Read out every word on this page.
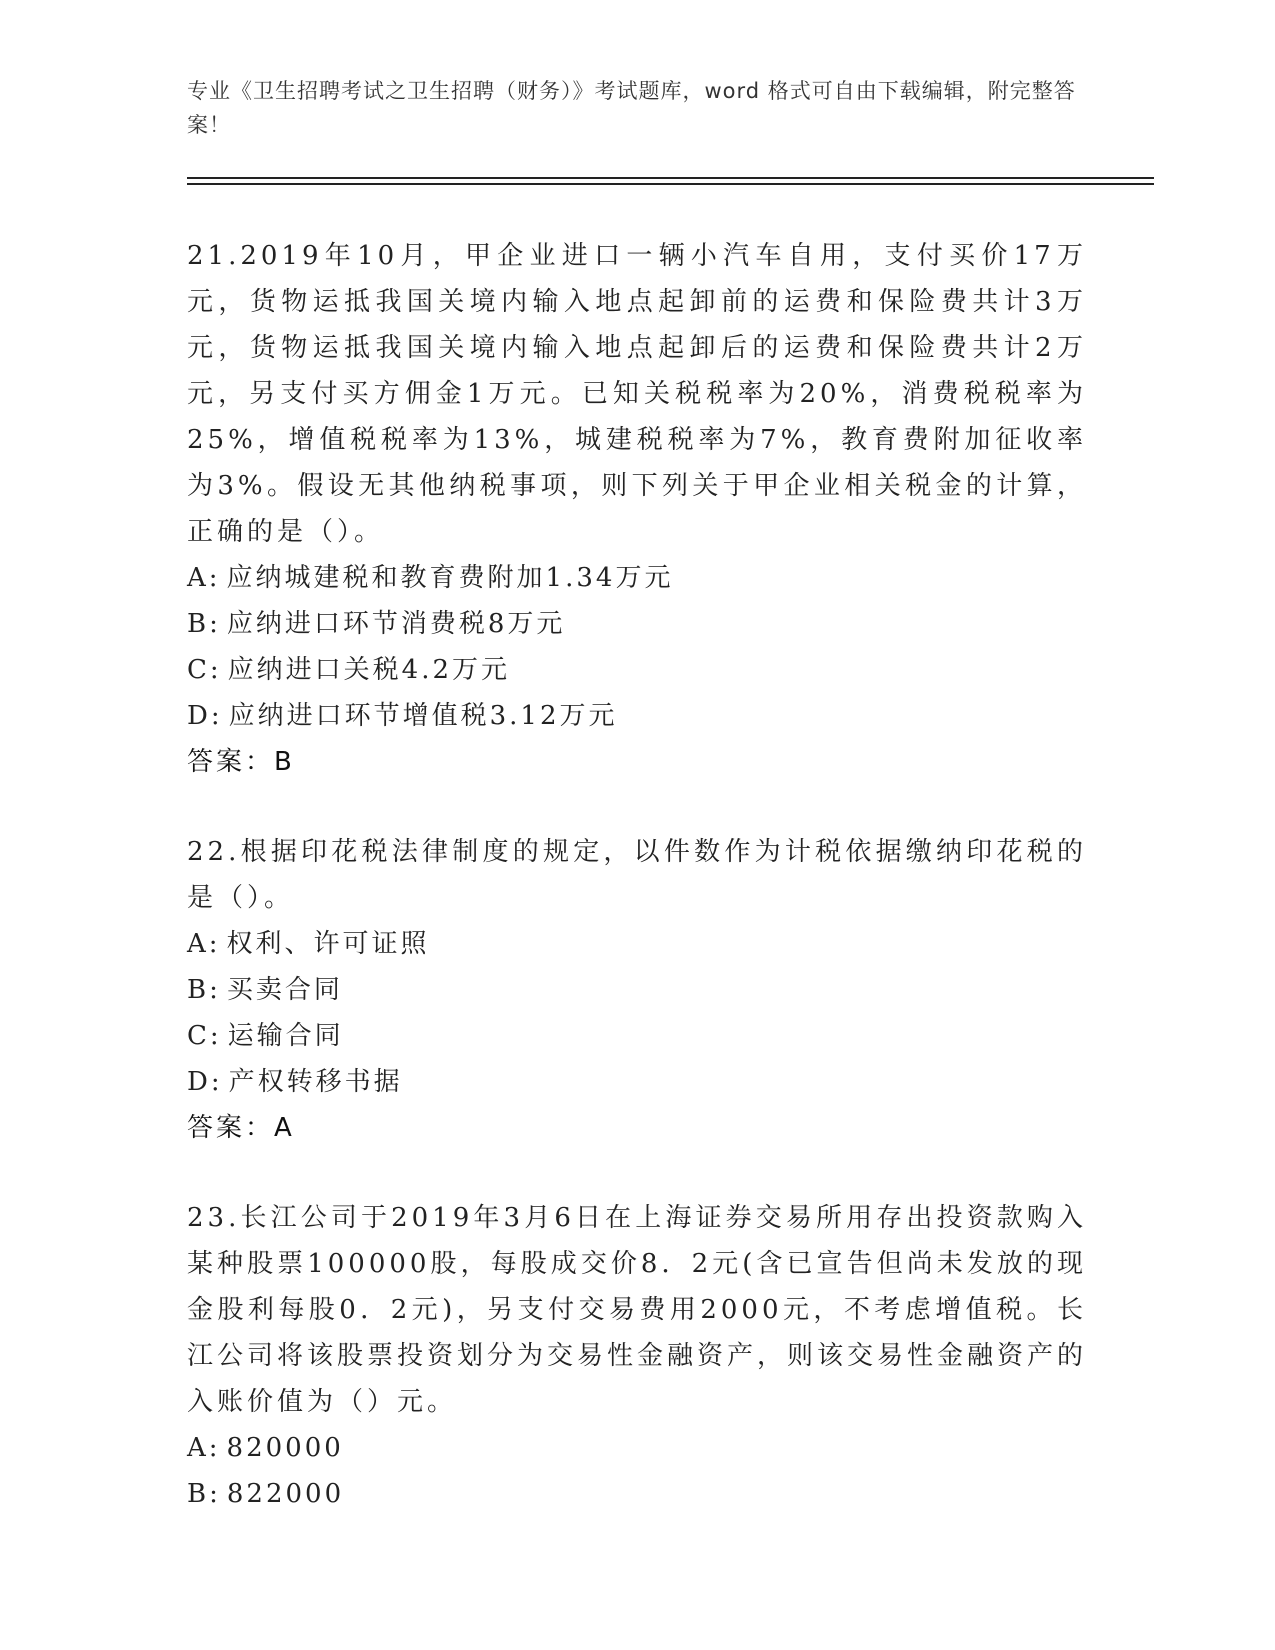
专业《卫生招聘考试之卫生招聘（财务）》考试题库，word 格式可自由下载编辑，附完整答案！
21.2019年10月，甲企业进口一辆小汽车自用，支付买价17万元，货物运抵我国关境内输入地点起卸前的运费和保险费共计3万元，货物运抵我国关境内输入地点起卸后的运费和保险费共计2万元，另支付买方佣金1万元。已知关税税率为20%，消费税税率为25%，增值税税率为13%，城建税税率为7%，教育费附加征收率为3%。假设无其他纳税事项，则下列关于甲企业相关税金的计算，正确的是（）。
A: 应纳城建税和教育费附加1.34万元
B: 应纳进口环节消费税8万元
C: 应纳进口关税4.2万元
D: 应纳进口环节增值税3.12万元
答案：B
22.根据印花税法律制度的规定，以件数作为计税依据缴纳印花税的是（）。
A: 权利、许可证照
B: 买卖合同
C: 运输合同
D: 产权转移书据
答案：A
23.长江公司于2019年3月6日在上海证券交易所用存出投资款购入某种股票100000股，每股成交价8．2元(含已宣告但尚未发放的现金股利每股0．2元)，另支付交易费用2000元，不考虑增值税。长江公司将该股票投资划分为交易性金融资产，则该交易性金融资产的入账价值为（）元。
A: 820000
B: 822000
